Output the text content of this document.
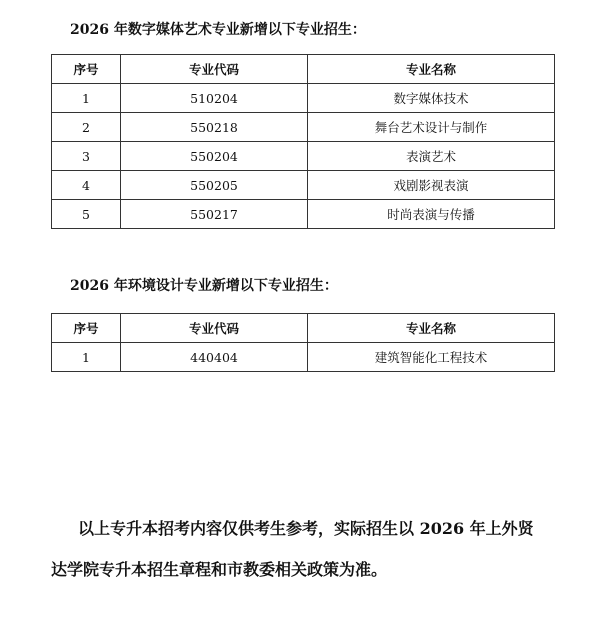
2026 年数字媒体艺术专业新增以下专业招生：
序号	专业代码	专业名称
1	510204	数字媒体技术
2	550218	舞台艺术设计与制作
3	550204	表演艺术
4	550205	戏剧影视表演
5	550217	时尚表演与传播
2026 年环境设计专业新增以下专业招生：
序号	专业代码	专业名称
1	440404	建筑智能化工程技术
以上专升本招考内容仅供考生参考，实际招生以 2026 年上外贤
达学院专升本招生章程和市教委相关政策为准。
